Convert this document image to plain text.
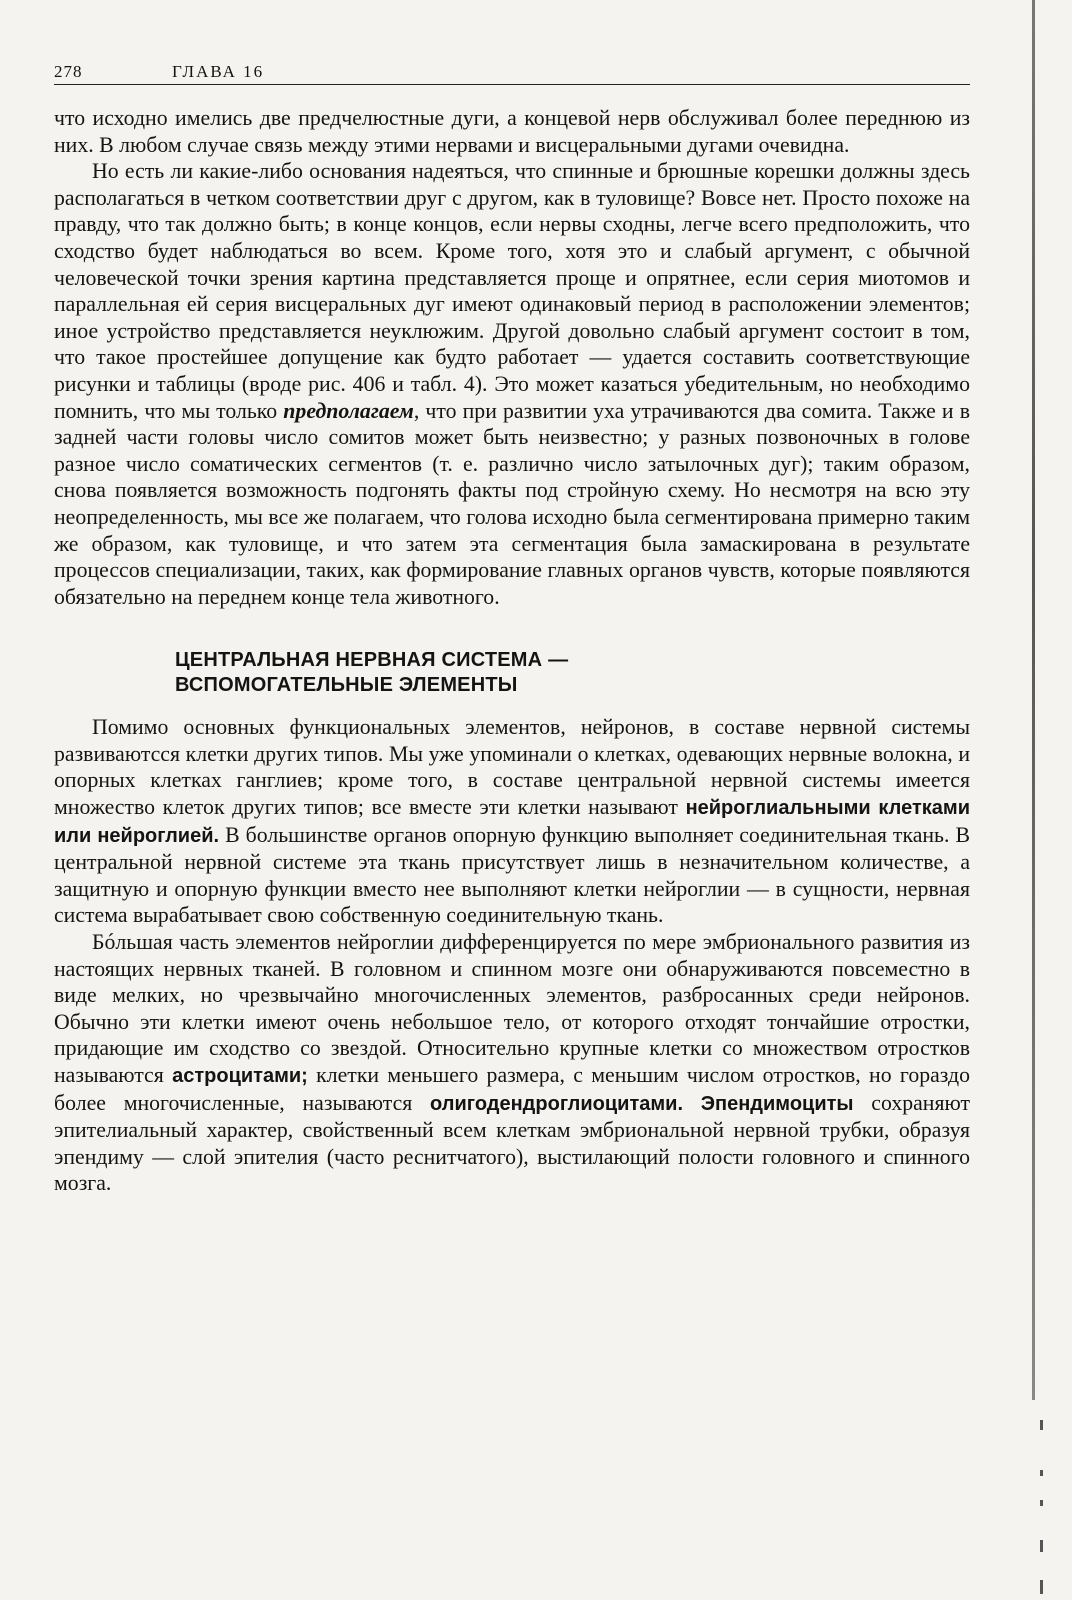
278	ГЛАВА 16

что исходно имелись две предчелюстные дуги, а концевой нерв обслуживал более переднюю из них. В любом случае связь между этими нервами и висцеральными дугами очевидна.

Но есть ли какие-либо основания надеяться, что спинные и брюшные корешки должны здесь располагаться в четком соответствии друг с другом, как в туловище? Вовсе нет. Просто похоже на правду, что так должно быть; в конце концов, если нервы сходны, легче всего предположить, что сходство будет наблюдаться во всем. Кроме того, хотя это и слабый аргумент, с обычной человеческой точки зрения картина представляется проще и опрятнее, если серия миотомов и параллельная ей серия висцеральных дуг имеют одинаковый период в расположении элементов; иное устройство представляется неуклюжим. Другой довольно слабый аргумент состоит в том, что такое простейшее допущение как будто работает — удается составить соответствующие рисунки и таблицы (вроде рис. 406 и табл. 4). Это может казаться убедительным, но необходимо помнить, что мы только предполагаем, что при развитии уха утрачиваются два сомита. Также и в задней части головы число сомитов может быть неизвестно; у разных позвоночных в голове разное число соматических сегментов (т. е. различно число затылочных дуг); таким образом, снова появляется возможность подгонять факты под стройную схему. Но несмотря на всю эту неопределенность, мы все же полагаем, что голова исходно была сегментирована примерно таким же образом, как туловище, и что затем эта сегментация была замаскирована в результате процессов специализации, таких, как формирование главных органов чувств, которые появляются обязательно на переднем конце тела животного.

ЦЕНТРАЛЬНАЯ НЕРВНАЯ СИСТЕМА —
ВСПОМОГАТЕЛЬНЫЕ ЭЛЕМЕНТЫ

Помимо основных функциональных элементов, нейронов, в составе нервной системы развиваютсся клетки других типов. Мы уже упоминали о клетках, одевающих нервные волокна, и опорных клетках ганглиев; кроме того, в составе центральной нервной системы имеется множество клеток других типов; все вместе эти клетки называют нейроглиальными клетками или нейроглией. В большинстве органов опорную функцию выполняет соединительная ткань. В центральной нервной системе эта ткань присутствует лишь в незначительном количестве, а защитную и опорную функции вместо нее выполняют клетки нейроглии — в сущности, нервная система вырабатывает свою собственную соединительную ткань.

Бóльшая часть элементов нейроглии дифференцируется по мере эмбрионального развития из настоящих нервных тканей. В головном и спинном мозге они обнаруживаются повсеместно в виде мелких, но чрезвычайно многочисленных элементов, разбросанных среди нейронов. Обычно эти клетки имеют очень небольшое тело, от которого отходят тончайшие отростки, придающие им сходство со звездой. Относительно крупные клетки со множеством отростков называются астроцитами; клетки меньшего размера, с меньшим числом отростков, но гораздо более многочисленные, называются олигодендроглиоцитами. Эпендимоциты сохраняют эпителиальный характер, свойственный всем клеткам эмбриональной нервной трубки, образуя эпендиму — слой эпителия (часто реснитчатого), выстилающий полости головного и спинного мозга.
